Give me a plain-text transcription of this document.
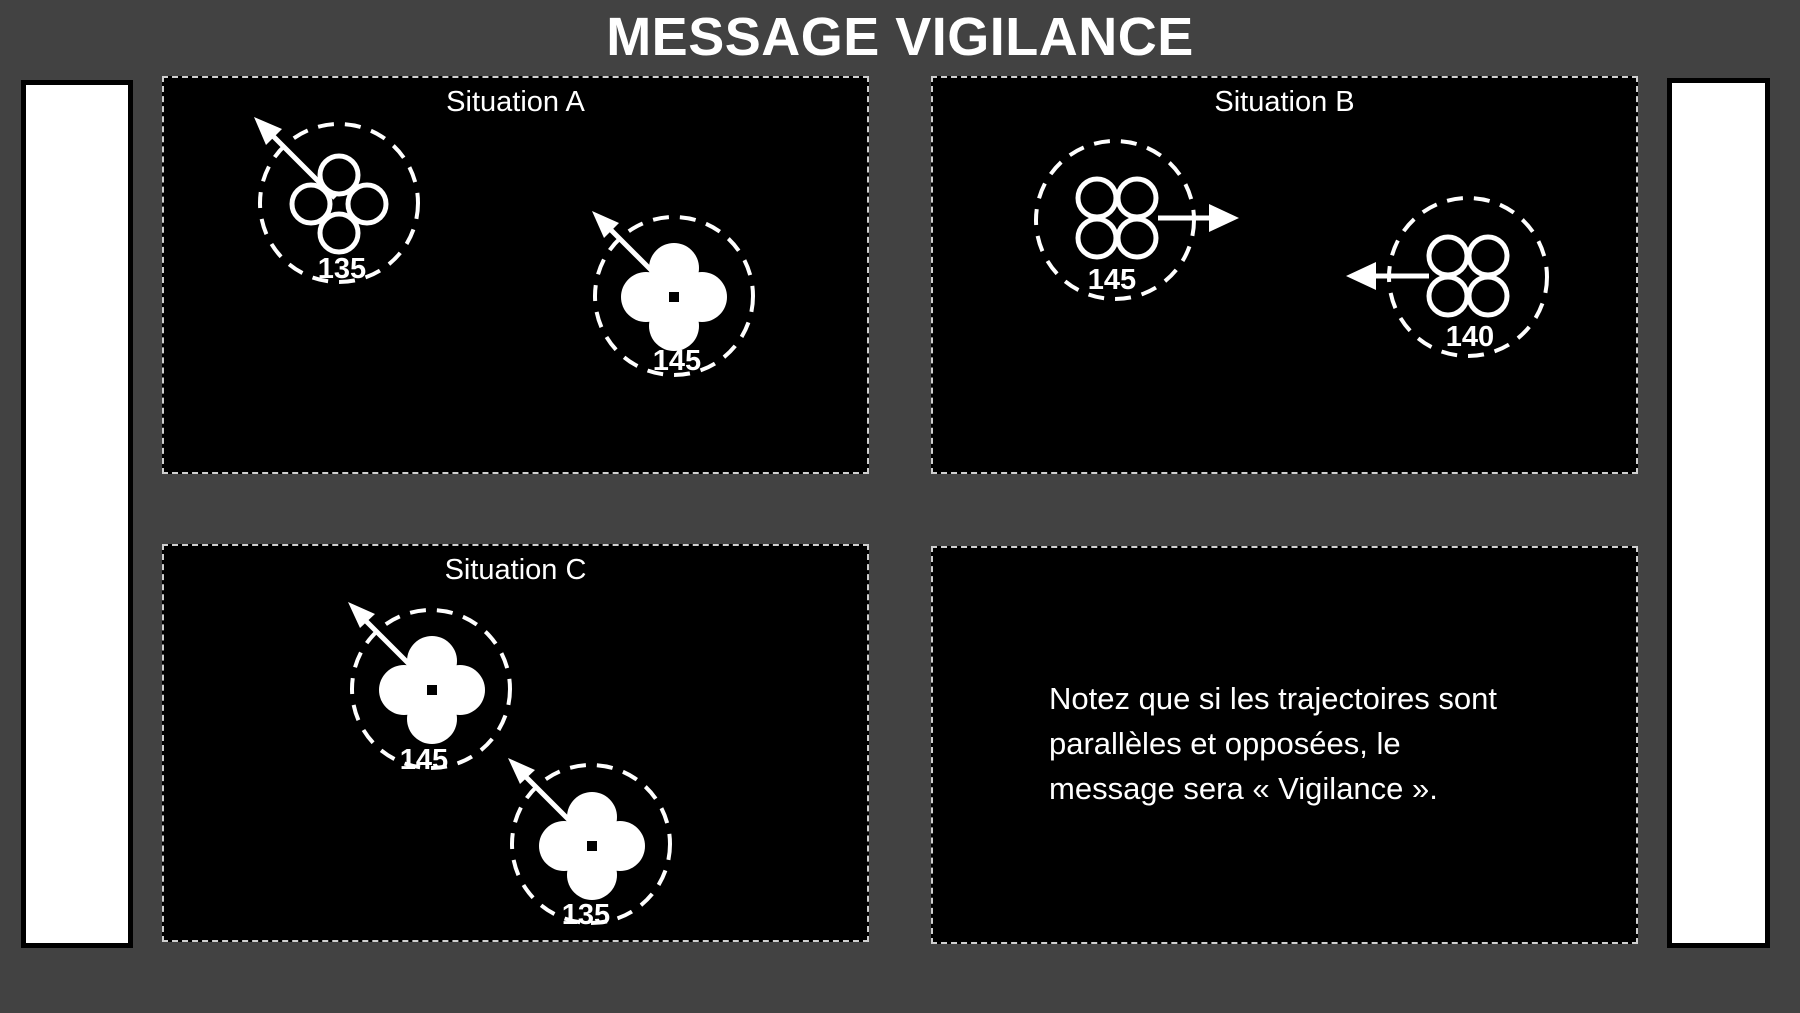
MESSAGE VIGILANCE
Situation A
135
145
Situation B
145
140
Situation C
145
135
Notez que si les trajectoires sont parallèles et opposées, le message sera « Vigilance ».
